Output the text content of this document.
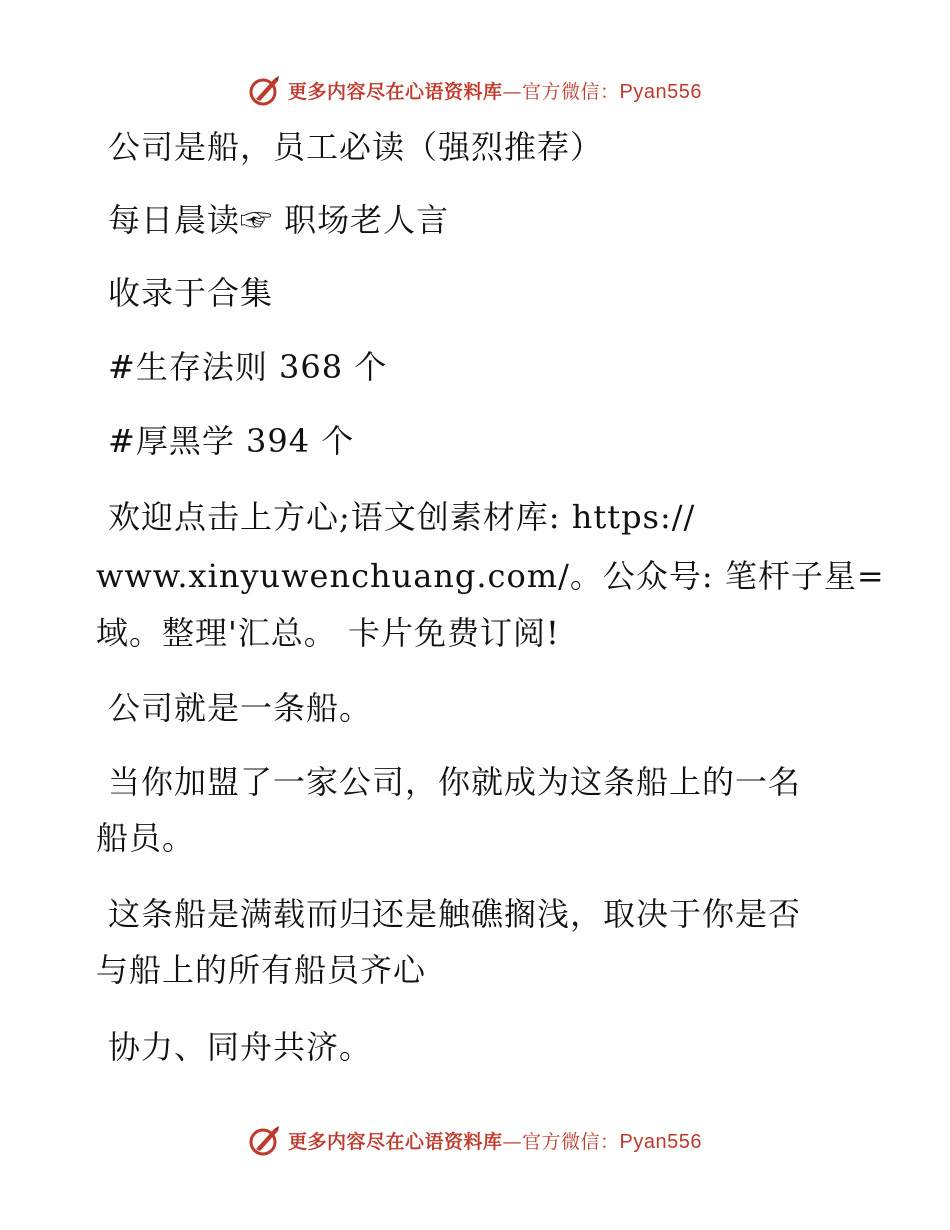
更多内容尽在心语资料库—官方微信：Pyan556
公司是船，员工必读（强烈推荐）
每日晨读☞ 职场老人言
收录于合集
#生存法则 368 个
#厚黑学 394 个
欢迎点击上方心;语文创素材库: https://
www.xinyuwenchuang.com/。公众号: 笔杆子星=
域。整理'汇总。 卡片免费订阅!
公司就是一条船。
当你加盟了一家公司，你就成为这条船上的一名
船员。
这条船是满载而归还是触礁搁浅，取决于你是否
与船上的所有船员齐心
协力、同舟共济。
更多内容尽在心语资料库—官方微信：Pyan556
